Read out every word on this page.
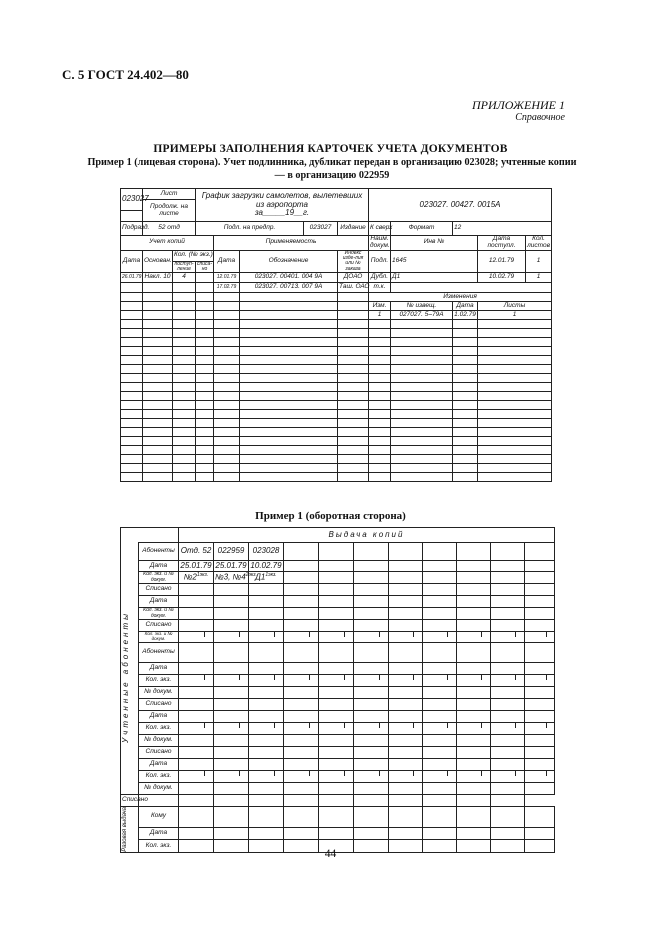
С. 5 ГОСТ 24.402—80
ПРИЛОЖЕНИЕ 1
Справочное
ПРИМЕРЫ ЗАПОЛНЕНИЯ КАРТОЧЕК УЧЕТА ДОКУМЕНТОВ
Пример 1 (лицевая сторона). Учет подлинника, дубликат передан в организацию 023028; учтенные копии
— в организацию 022959
023027	Лист		График загрузки самолетов, вылетевших из аэропорта
за_____19__г.					023027. 00427. 0015А				
	Продолж. на листе											

Подразд.	52 отд		Подл. на предпр.			023027	Издание	К сверх	Формат	12		
Учет копий				Применяемость				Наим. докум.	Инв №		Дата поступл.	Кол. листов
Дата	Основан.	Кол. (№ экз.)		Дата	Обозначение		Индекс изде-лия или № заказа	Подл.	1645		12.01.79	1
		поступ-ление	списа-но									
26.01.79	Накл. 10	4		12.01.79	023027. 00401. 004 9А		ДОАО	Дубл.	Д1		10.02.79	1
				17.02.79	023027. 00713. 007 9А		Таш. ОАО	т.к.				
								Изменения				
								Изм.	№ извещ.	Дата	Листы	
								1	027027. 5–79А	1.02.79	1	

Пример 1 (оборотная сторона)
		Выдача копий										
	Абоненты	Отд. 52	022959	023028								

Учтенные абоненты	Дата	25.01.79	25.01.79	10.02.79								
	Кол. экз. и № докум.	$№2^{1экз.}$	№3, $№4^{2экз.}$	$Д1^{1экз.}$								
	Списано											
	Дата											
	Кол. экз. и № докум.											
	Списано											
	Кол. экз. и № докум.											
	Абоненты											
	Дата											
	Кол. экз.											
	№ докум.											
	Списано											
	Дата											
	Кол. экз.											
	№ докум.											
	Списано											
	Дата											
	Кол. экз.											
	№ докум.											
Списано												

Разовая выдача	Кому											
	Дата											
	Кол. экз.											
44
